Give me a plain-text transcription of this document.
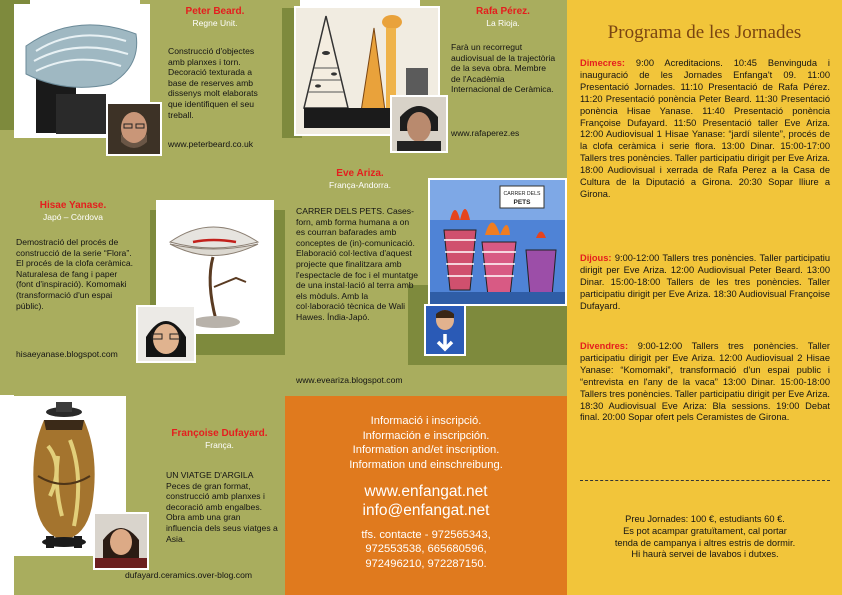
Peter Beard.
Regne Unit.
Construcció d'objectes amb planxes i torn. Decoració texturada a base de reserves amb dissenys molt elaborats que identifiquen el seu treball.
www.peterbeard.co.uk
Rafa Pérez.
La Rioja.
Farà un recorregut audiovisual de la trajectòria de la seva obra. Membre de l'Acadèmia Internacional de Ceràmica.
www.rafaperez.es
Hisae Yanase.
Japó – Còrdova
Demostració del procés de construcció de la serie “Flora”. El procés de la clofa ceràmica. Naturalesa de fang i paper (font d'inspiració). Komomaki (transformació d'un espai públic).
hisaeyanase.blogspot.com
Eve Ariza.
França-Andorra.
CARRER DELS PETS. Cases-forn, amb forma humana a on es courran bafarades amb conceptes de (in)-comunicació. Elaboració col·lectiva d'aquest projecte que finalitzara amb l'espectacle de foc i el muntatge de una instal·lació al terra amb els mòduls. Amb la col·laboració tècnica de Wali Hawes. Índia-Japó.
www.eveariza.blogspot.com
CARRER DELS
PETS
Françoise Dufayard.
França.
UN VIATGE D'ARGILA Peces de gran format, construcció amb planxes i decoració amb engalbes. Obra amb una gran influencia dels seus viatges a Asia.
dufayard.ceramics.over-blog.com
Informació i inscripció.
Información e inscripción.
Information and/et inscription.
Information und einschreibung.
www.enfangat.net
info@enfangat.net
tfs. contacte - 972565343,
972553538, 665680596,
972496210, 972287150.
Programa de les Jornades
Dimecres: 9:00 Acreditacions. 10:45 Benvinguda i inauguració de les Jornades Enfanga't 09. 11:00 Presentació Jornades. 11:10 Presentació de Rafa Pérez. 11:20 Presentació ponència Peter Beard. 11:30 Presentació ponència Hisae Yanase. 11:40 Presentació ponència Françoise Dufayard. 11:50 Presentació taller Eve Ariza. 12:00 Audiovisual 1 Hisae Yanase: “jardí silente”, procés de la clofa ceràmica i serie flora. 13:00 Dinar. 15:00-17:00 Tallers tres ponències. Taller participatiu dirigit per Eve Ariza. 18:00 Audiovisual i xerrada de Rafa Perez a la Casa de Cultura de la Diputació a Girona. 20:30 Sopar lliure a Girona.
Dijous: 9:00-12:00 Tallers tres ponències. Taller participatiu dirigit per Eve Ariza. 12:00 Audiovisual Peter Beard. 13:00 Dinar. 15:00-18:00 Tallers de les tres ponències. Taller participatiu dirigit per Eve Ariza. 18:30 Audiovisual Françoise Dufayard.
Divendres: 9:00-12:00 Tallers tres ponències. Taller participatiu dirigit per Eve Ariza. 12:00 Audiovisual 2 Hisae Yanase: “Komomaki”, transformació d'un espai public i “entrevista en l'any de la vaca” 13:00 Dinar. 15:00-18:00 Tallers tres ponències. Taller participatiu dirigit per Eve Ariza. 18:30 Audiovisual Eve Ariza: Bla sessions. 19:00 Debat final. 20:00 Sopar ofert pels Ceramistes de Girona.
Preu Jornades: 100 €, estudiants 60 €.
Es pot acampar gratuïtament, cal portar
tenda de campanya i altres estris de dormir.
Hi haurà servei de lavabos i dutxes.
